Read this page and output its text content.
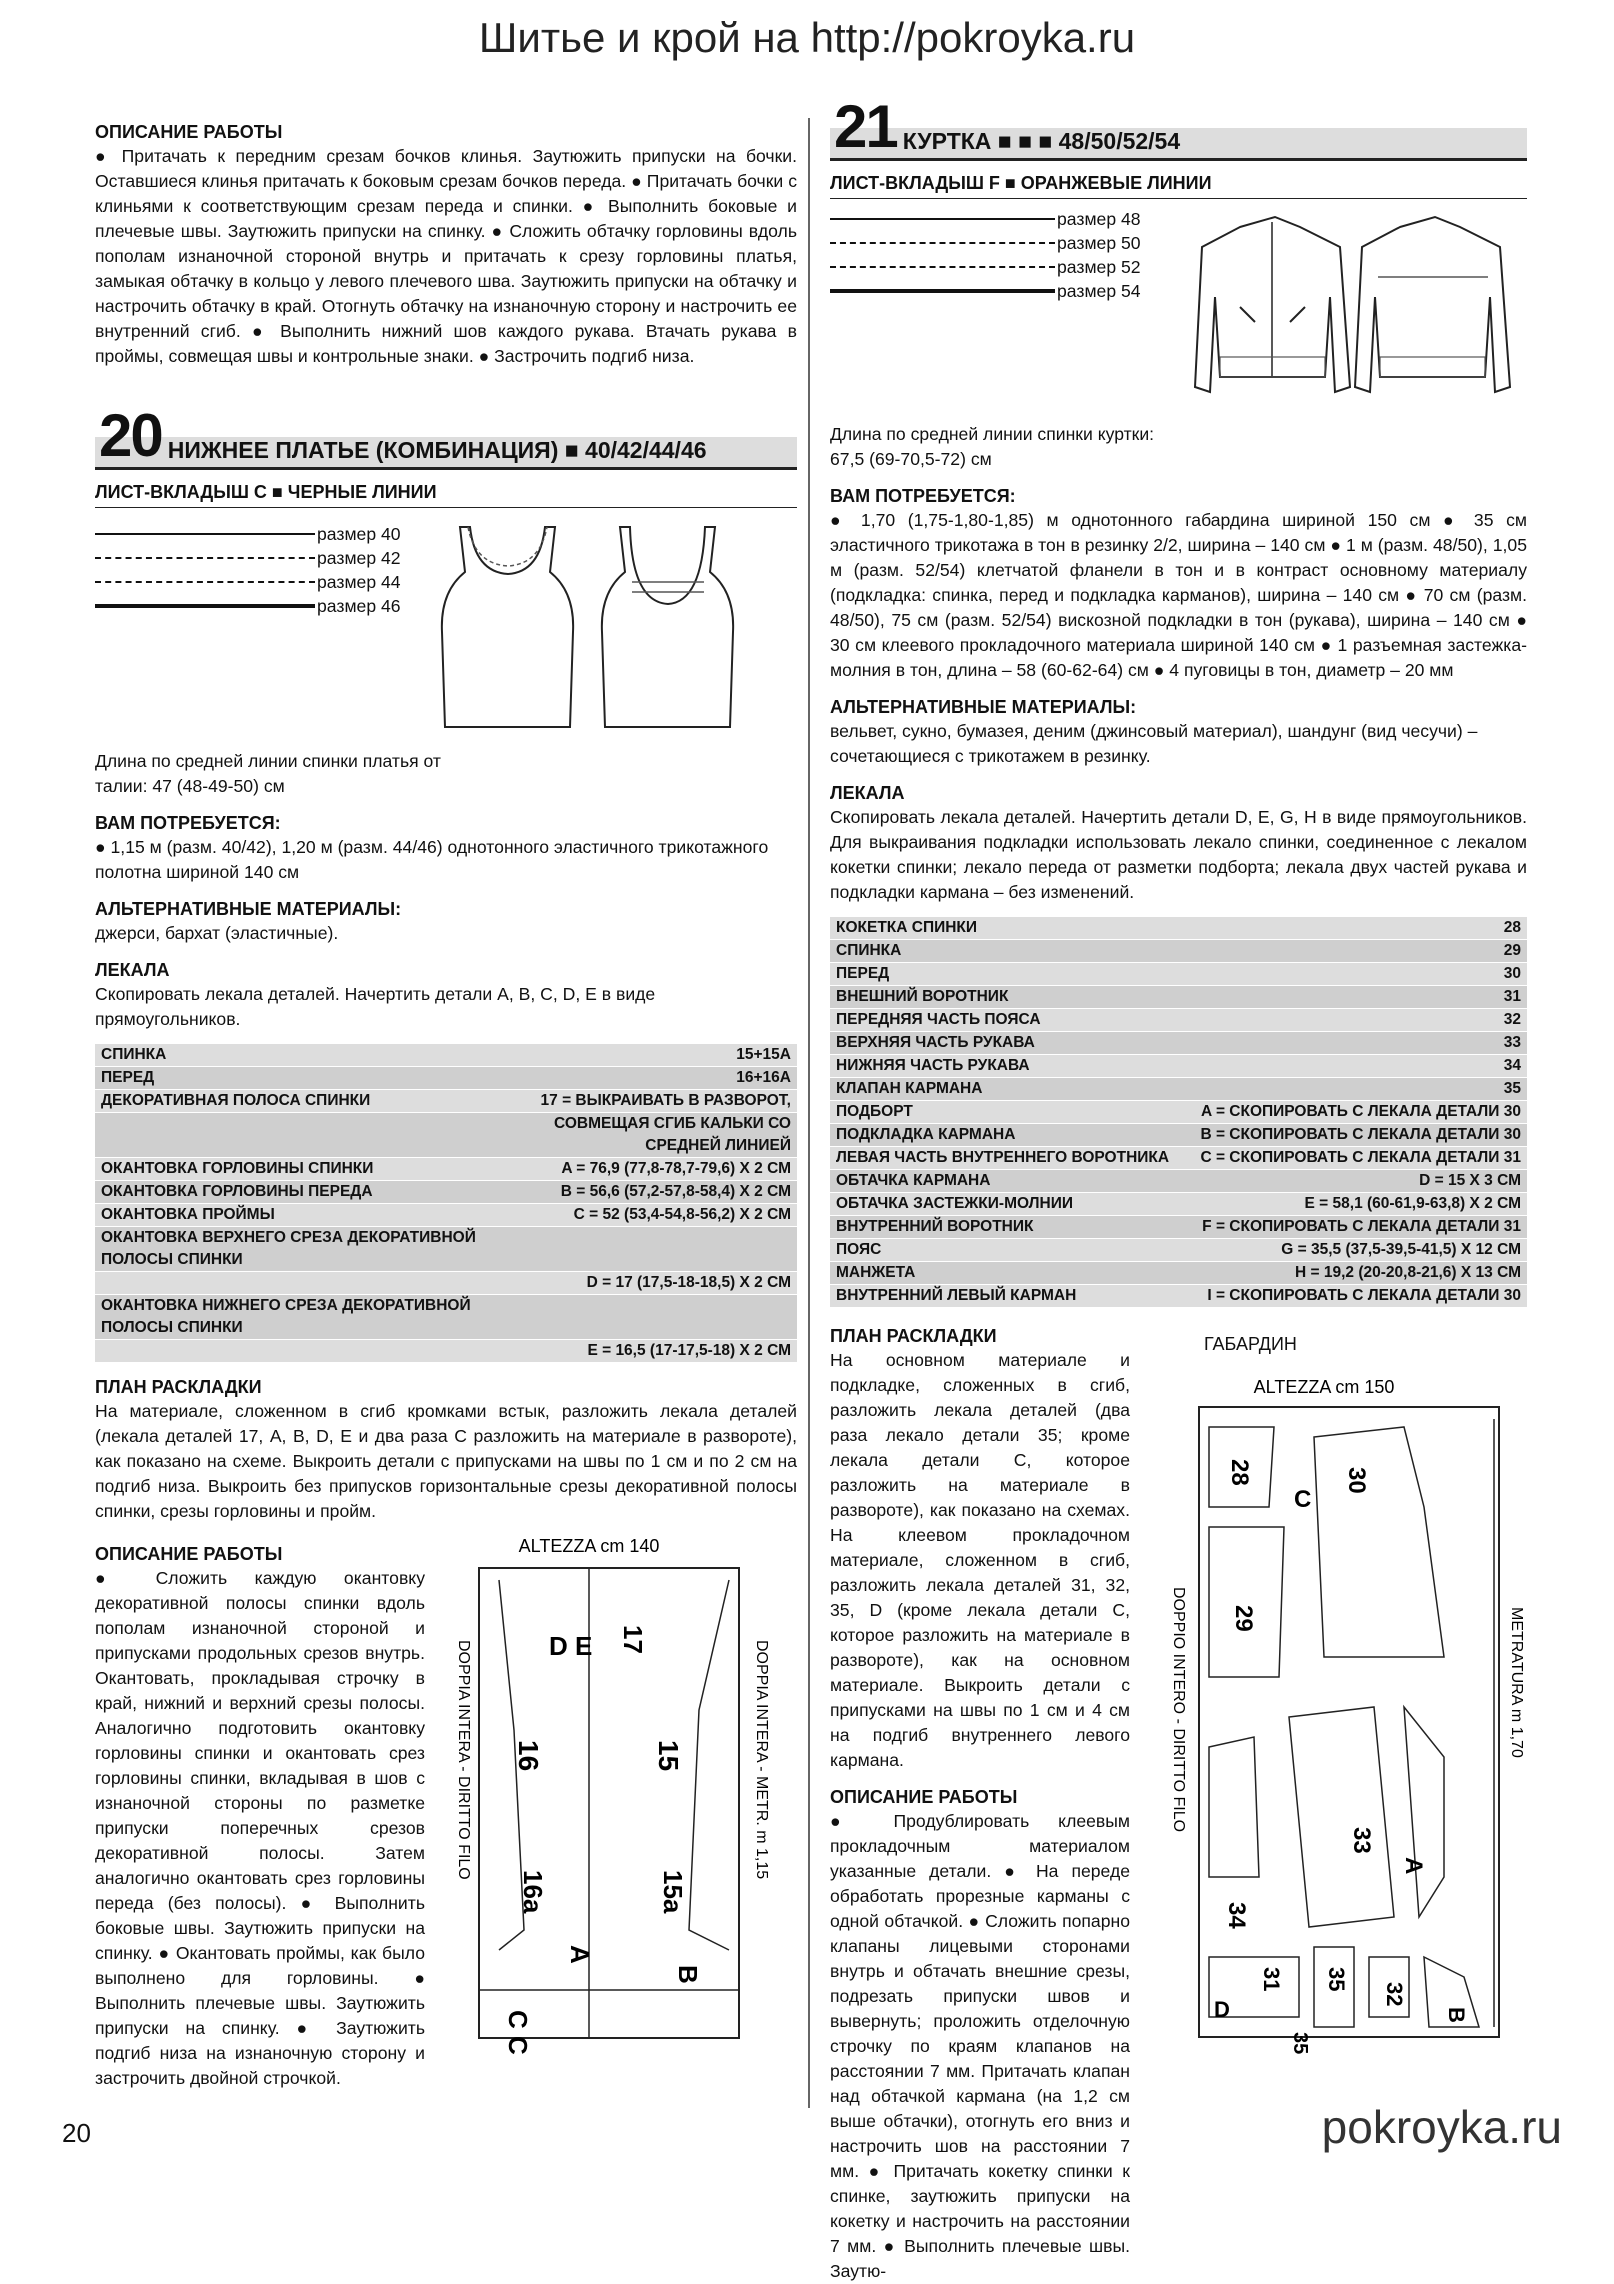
Шитье и крой на http://pokroyka.ru
ОПИСАНИЕ РАБОТЫ

● Притачать к передним срезам бочков клинья. Заутюжить припуски на бочки. Оставшиеся клинья притачать к боковым срезам бочков переда. ● Притачать бочки с клиньями к соответствующим срезам переда и спинки. ● Выполнить боковые и плечевые швы. Заутюжить припуски на спинку. ● Сложить обтачку горловины вдоль пополам изнаночной стороной внутрь и притачать к срезу горловины платья, замыкая обтачку в кольцо у левого плечевого шва. Заутюжить припуски на обтачку и настрочить обтачку в край. Отогнуть обтачку на изнаночную сторону и настрочить ее внутренний сгиб. ● Выполнить нижний шов каждого рукава. Втачать рукава в проймы, совмещая швы и контрольные знаки. ● Застрочить подгиб низа.

20 НИЖНЕЕ ПЛАТЬЕ (КОМБИНАЦИЯ) ■ 40/42/44/46
ЛИСТ-ВКЛАДЫШ С ■ ЧЕРНЫЕ ЛИНИИ
размер 40
размер 42
размер 44
размер 46

Длина по средней линии спинки платья от талии: 47 (48-49-50) см

ВАМ ПОТРЕБУЕТСЯ:

● 1,15 м (разм. 40/42), 1,20 м (разм. 44/46) однотонного эластичного трикотажного полотна шириной 140 см

АЛЬТЕРНАТИВНЫЕ МАТЕРИАЛЫ:

джерси, бархат (эластичные).

ЛЕКАЛА

Скопировать лекала деталей. Начертить детали A, B, C, D, E в виде прямоугольников.

СПИНКА	15+15A
ПЕРЕД	16+16A
ДЕКОРАТИВНАЯ ПОЛОСА СПИНКИ	17 = ВЫКРАИВАТЬ В РАЗВОРОТ,
	СОВМЕЩАЯ СГИБ КАЛЬКИ СО СРЕДНЕЙ ЛИНИЕЙ
ОКАНТОВКА ГОРЛОВИНЫ СПИНКИ	A = 76,9 (77,8-78,7-79,6) X 2 СМ
ОКАНТОВКА ГОРЛОВИНЫ ПЕРЕДА	B = 56,6 (57,2-57,8-58,4) X 2 СМ
ОКАНТОВКА ПРОЙМЫ	C = 52 (53,4-54,8-56,2) X 2 СМ
ОКАНТОВКА ВЕРХНЕГО СРЕЗА ДЕКОРАТИВНОЙ ПОЛОСЫ СПИНКИ	
	D = 17 (17,5-18-18,5) X 2 СМ
ОКАНТОВКА НИЖНЕГО СРЕЗА ДЕКОРАТИВНОЙ ПОЛОСЫ СПИНКИ	
	E = 16,5 (17-17,5-18) X 2 СМ
ПЛАН РАСКЛАДКИ

На материале, сложенном в сгиб кромками встык, разложить лекала деталей (лекала деталей 17, A, B, D, E и два раза C разложить на материале в развороте), как показано на схеме. Выкроить детали с припусками на швы по 1 см и по 2 см на подгиб низа. Выкроить без припусков горизонтальные срезы декоративной полосы спинки, срезы горловины и пройм.

ОПИСАНИЕ РАБОТЫ

● Сложить каждую окантовку декоративной полосы спинки вдоль пополам изнаночной стороной и припусками продольных срезов внутрь. Окантовать, прокладывая строчку в край, нижний и верхний срезы полосы. Аналогично подготовить окантовку горловины спинки и окантовать срез горловины спинки, вкладывая в шов с изнаночной стороны по разметке припуски поперечных срезов декоративной полосы. Затем аналогично окантовать срез горловины переда (без полосы). ● Выполнить боковые швы. Заутюжить припуски на спинку. ● Окантовать проймы, как было выполнено для горловины. ● Выполнить плечевые швы. Заутюжить припуски на спинку. ● Заутюжить подгиб низа на изнаночную сторону и застрочить двойной строчкой.

ALTEZZA cm 140
D E 17
16	15
16a	15a
A
B
C C
DOPPIA INTERA - DIRITTO FILO	DOPPIA INTERA - METR. m 1,15
21 КУРТКА ■ ■ ■ 48/50/52/54
ЛИСТ-ВКЛАДЫШ F ■ ОРАНЖЕВЫЕ ЛИНИИ
размер 48
размер 50
размер 52
размер 54

Длина по средней линии спинки куртки: 67,5 (69-70,5-72) см

ВАМ ПОТРЕБУЕТСЯ:

● 1,70 (1,75-1,80-1,85) м однотонного габардина шириной 150 см ● 35 см эластичного трикотажа в тон в резинку 2/2, ширина – 140 см ● 1 м (разм. 48/50), 1,05 м (разм. 52/54) клетчатой фланели в тон и в контраст основному материалу (подкладка: спинка, перед и подкладка карманов), ширина – 140 см ● 70 см (разм. 48/50), 75 см (разм. 52/54) вискозной подкладки в тон (рукава), ширина – 140 см ● 30 см клеевого прокладочного материала шириной 140 см ● 1 разъемная застежка-молния в тон, длина – 58 (60-62-64) см ● 4 пуговицы в тон, диаметр – 20 мм

АЛЬТЕРНАТИВНЫЕ МАТЕРИАЛЫ:

вельвет, сукно, бумазея, деним (джинсовый материал), шандунг (вид чесучи) – сочетающиеся с трикотажем в резинку.

ЛЕКАЛА

Скопировать лекала деталей. Начертить детали D, E, G, H в виде прямоугольников. Для выкраивания подкладки использовать лекало спинки, соединенное с лекалом кокетки спинки; лекало переда от разметки подборта; лекала двух частей рукава и подкладки кармана – без изменений.

КОКЕТКА СПИНКИ	28
СПИНКА	29
ПЕРЕД	30
ВНЕШНИЙ ВОРОТНИК	31
ПЕРЕДНЯЯ ЧАСТЬ ПОЯСА	32
ВЕРХНЯЯ ЧАСТЬ РУКАВА	33
НИЖНЯЯ ЧАСТЬ РУКАВА	34
КЛАПАН КАРМАНА	35
ПОДБОРТ	A = СКОПИРОВАТЬ С ЛЕКАЛА ДЕТАЛИ 30
ПОДКЛАДКА КАРМАНА	B = СКОПИРОВАТЬ С ЛЕКАЛА ДЕТАЛИ 30
ЛЕВАЯ ЧАСТЬ ВНУТРЕННЕГО ВОРОТНИКА	C = СКОПИРОВАТЬ С ЛЕКАЛА ДЕТАЛИ 31
ОБТАЧКА КАРМАНА	D = 15 X 3 СМ
ОБТАЧКА ЗАСТЕЖКИ-МОЛНИИ	E = 58,1 (60-61,9-63,8) X 2 СМ
ВНУТРЕННИЙ ВОРОТНИК	F = СКОПИРОВАТЬ С ЛЕКАЛА ДЕТАЛИ 31
ПОЯС	G = 35,5 (37,5-39,5-41,5) X 12 СМ
МАНЖЕТА	H = 19,2 (20-20,8-21,6) X 13 СМ
ВНУТРЕННИЙ ЛЕВЫЙ КАРМАН	I = СКОПИРОВАТЬ С ЛЕКАЛА ДЕТАЛИ 30
ПЛАН РАСКЛАДКИ

На основном материале и подкладке, сложенных в сгиб, разложить лекала деталей (два раза лекало детали 35; кроме лекала детали C, которое разложить на материале в развороте), как показано на схемах. На клеевом прокладочном материале, сложенном в сгиб, разложить лекала деталей 31, 32, 35, D (кроме лекала детали C, которое разложить на материале в развороте), как на основном материале. Выкроить детали с припусками на швы по 1 см и 4 см на подгиб внутреннего левого кармана.

ОПИСАНИЕ РАБОТЫ

● Продублировать клеевым прокладочным материалом указанные детали. ● На переде обработать прорезные карманы с одной обтачкой. ● Сложить попарно клапаны лицевыми сторонами внутрь и обтачать внешние срезы, подрезать припуски швов и вывернуть; проложить отделочную строчку по краям клапанов на расстоянии 7 мм. Притачать клапан над обтачкой кармана (на 1,2 см выше обтачки), отогнуть его вниз и настрочить шов на расстоянии 7 мм. ● Притачать кокетку спинки к спинке, заутюжить припуски на кокетку и настрочить на расстоянии 7 мм. ● Выполнить плечевые швы. Заутю-

ГАБАРДИН
ALTEZZA cm 150
28
29
30
C
33
34
A
31 35
32
B
D
35
DOPPIO INTERO - DIRITTO FILO	METRATURA m 1,70
20	pokroyka.ru
